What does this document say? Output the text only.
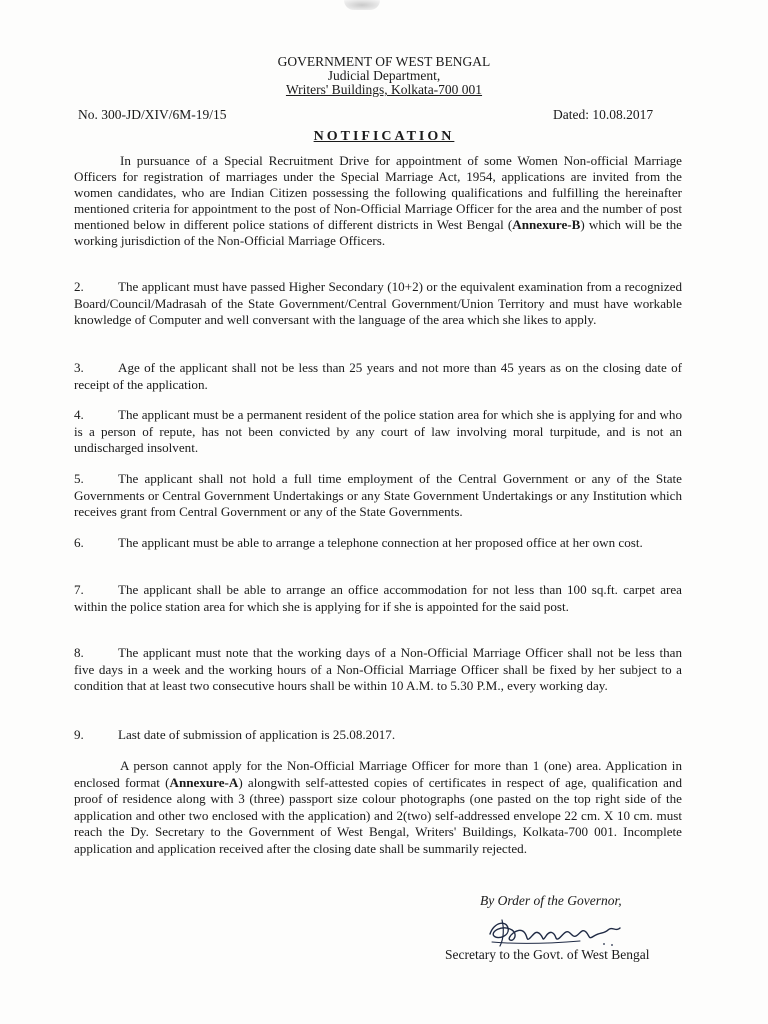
GOVERNMENT OF WEST BENGAL
Judicial Department,
Writers' Buildings, Kolkata-700 001
No. 300-JD/XIV/6M-19/15	Dated: 10.08.2017
NOTIFICATION

In pursuance of a Special Recruitment Drive for appointment of some Women Non-official Marriage Officers for registration of marriages under the Special Marriage Act, 1954, applications are invited from the women candidates, who are Indian Citizen possessing the following qualifications and fulfilling the hereinafter mentioned criteria for appointment to the post of Non-Official Marriage Officer for the area and the number of post mentioned below in different police stations of different districts in West Bengal (Annexure-B) which will be the working jurisdiction of the Non-Official Marriage Officers.

2.	The applicant must have passed Higher Secondary (10+2) or the equivalent examination from a recognized Board/Council/Madrasah of the State Government/Central Government/Union Territory and must have workable knowledge of Computer and well conversant with the language of the area which she likes to apply.
3.	Age of the applicant shall not be less than 25 years and not more than 45 years as on the closing date of receipt of the application.
4.	The applicant must be a permanent resident of the police station area for which she is applying for and who is a person of repute, has not been convicted by any court of law involving moral turpitude, and is not an undischarged insolvent.
5.	The applicant shall not hold a full time employment of the Central Government or any of the State Governments or Central Government Undertakings or any State Government Undertakings or any Institution which receives grant from Central Government or any of the State Governments.
6.	The applicant must be able to arrange a telephone connection at her proposed office at her own cost.
7.	The applicant shall be able to arrange an office accommodation for not less than 100 sq.ft. carpet area within the police station area for which she is applying for if she is appointed for the said post.
8.	The applicant must note that the working days of a Non-Official Marriage Officer shall not be less than five days in a week and the working hours of a Non-Official Marriage Officer shall be fixed by her subject to a condition that at least two consecutive hours shall be within 10 A.M. to 5.30 P.M., every working day.
9.	Last date of submission of application is 25.08.2017.
A person cannot apply for the Non-Official Marriage Officer for more than 1 (one) area. Application in enclosed format (Annexure-A) alongwith self-attested copies of certificates in respect of age, qualification and proof of residence along with 3 (three) passport size colour photographs (one pasted on the top right side of the application and other two enclosed with the application) and 2(two) self-addressed envelope 22 cm. X 10 cm. must reach the Dy. Secretary to the Government of West Bengal, Writers' Buildings, Kolkata-700 001. Incomplete application and application received after the closing date shall be summarily rejected.
By Order of the Governor,
Secretary to the Govt. of West Bengal
